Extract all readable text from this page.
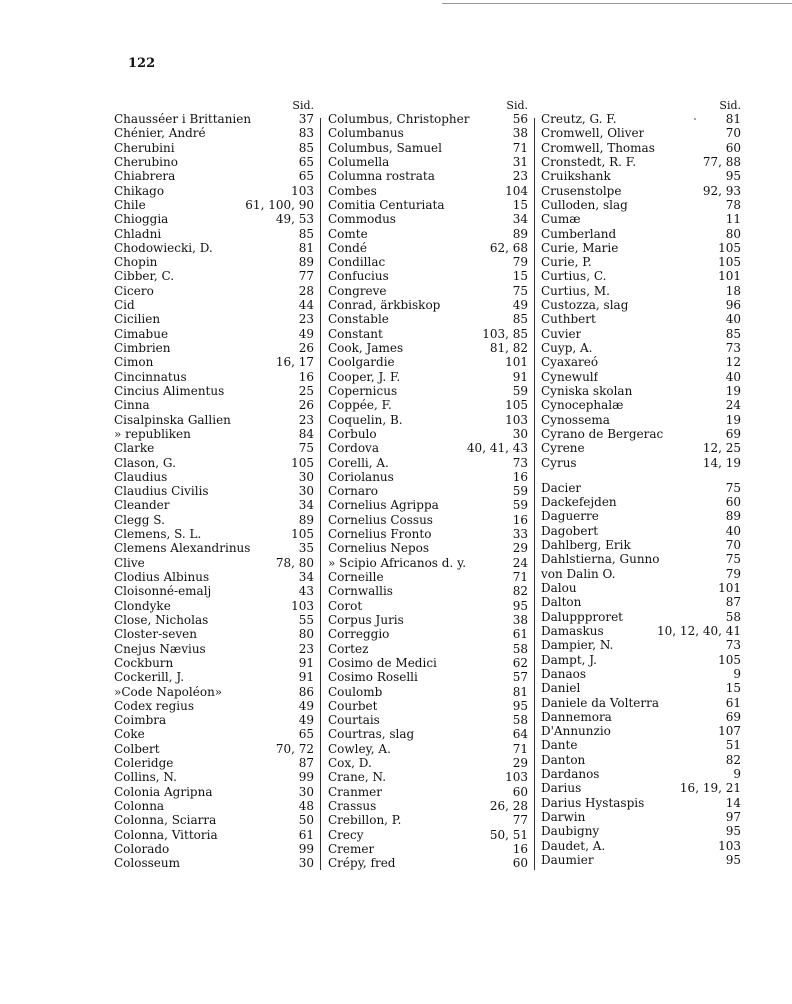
122
Sid.
Chausséer i Brittanien	37
Chénier, André	83
Cherubini	85
Cherubino	65
Chiabrera	65
Chikago	103
Chile	61, 100, 90
Chioggia	49, 53
Chladni	85
Chodowiecki, D.	81
Chopin	89
Cibber, C.	77
Cicero	28
Cid	44
Cicilien	23
Cimabue	49
Cimbrien	26
Cimon	16, 17
Cincinnatus	16
Cincius Alimentus	25
Cinna	26
Cisalpinska Gallien	23
» republiken	84
Clarke	75
Clason, G.	105
Claudius	30
Claudius Civilis	30
Cleander	34
Clegg S.	89
Clemens, S. L.	105
Clemens Alexandrinus	35
Clive	78, 80
Clodius Albinus	34
Cloisonné-emalj	43
Clondyke	103
Close, Nicholas	55
Closter-seven	80
Cnejus Nævius	23
Cockburn	91
Cockerill, J.	91
»Code Napoléon»	86
Codex regius	49
Coimbra	49
Coke	65
Colbert	70, 72
Coleridge	87
Collins, N.	99
Colonia Agripna	30
Colonna	48
Colonna, Sciarra	50
Colonna, Vittoria	61
Colorado	99
Colosseum	30
Sid.
Columbus, Christopher	56
Columbanus	38
Columbus, Samuel	71
Columella	31
Columna rostrata	23
Combes	104
Comitia Centuriata	15
Commodus	34
Comte	89
Condé	62, 68
Condillac	79
Confucius	15
Congreve	75
Conrad, ärkbiskop	49
Constable	85
Constant	103, 85
Cook, James	81, 82
Coolgardie	101
Cooper, J. F.	91
Copernicus	59
Coppée, F.	105
Coquelin, B.	103
Corbulo	30
Cordova	40, 41, 43
Corelli, A.	73
Coriolanus	16
Cornaro	59
Cornelius Agrippa	59
Cornelius Cossus	16
Cornelius Fronto	33
Cornelius Nepos	29
» Scipio Africanos d. y.	24
Corneille	71
Cornwallis	82
Corot	95
Corpus Juris	38
Correggio	61
Cortez	58
Cosimo de Medici	62
Cosimo Roselli	57
Coulomb	81
Courbet	95
Courtais	58
Courtras, slag	64
Cowley, A.	71
Cox, D.	29
Crane, N.	103
Cranmer	60
Crassus	26, 28
Crebillon, P.	77
Crecy	50, 51
Cremer	16
Crépy, fred	60
Sid.
Creutz, G. F.	81
Cromwell, Oliver	70
Cromwell, Thomas	60
Cronstedt, R. F.	77, 88
Cruikshank	95
Crusenstolpe	92, 93
Culloden, slag	78
Cumæ	11
Cumberland	80
Curie, Marie	105
Curie, P.	105
Curtius, C.	101
Curtius, M.	18
Custozza, slag	96
Cuthbert	40
Cuvier	85
Cuyp, A.	73
Cyaxareó	12
Cynewulf	40
Cyniska skolan	19
Cynocephalæ	24
Cynossema	19
Cyrano de Bergerac	69
Cyrene	12, 25
Cyrus	14, 19
Dacier	75
Dackefejden	60
Daguerre	89
Dagobert	40
Dahlberg, Erik	70
Dahlstierna, Gunno	75
von Dalin O.	79
Dalou	101
Dalton	87
Daluppproret	58
Damaskus	10, 12, 40, 41
Dampier, N.	73
Dampt, J.	105
Danaos	9
Daniel	15
Daniele da Volterra	61
Dannemora	69
D'Annunzio	107
Dante	51
Danton	82
Dardanos	9
Darius	16, 19, 21
Darius Hystaspis	14
Darwin	97
Daubigny	95
Daudet, A.	103
Daumier	95
